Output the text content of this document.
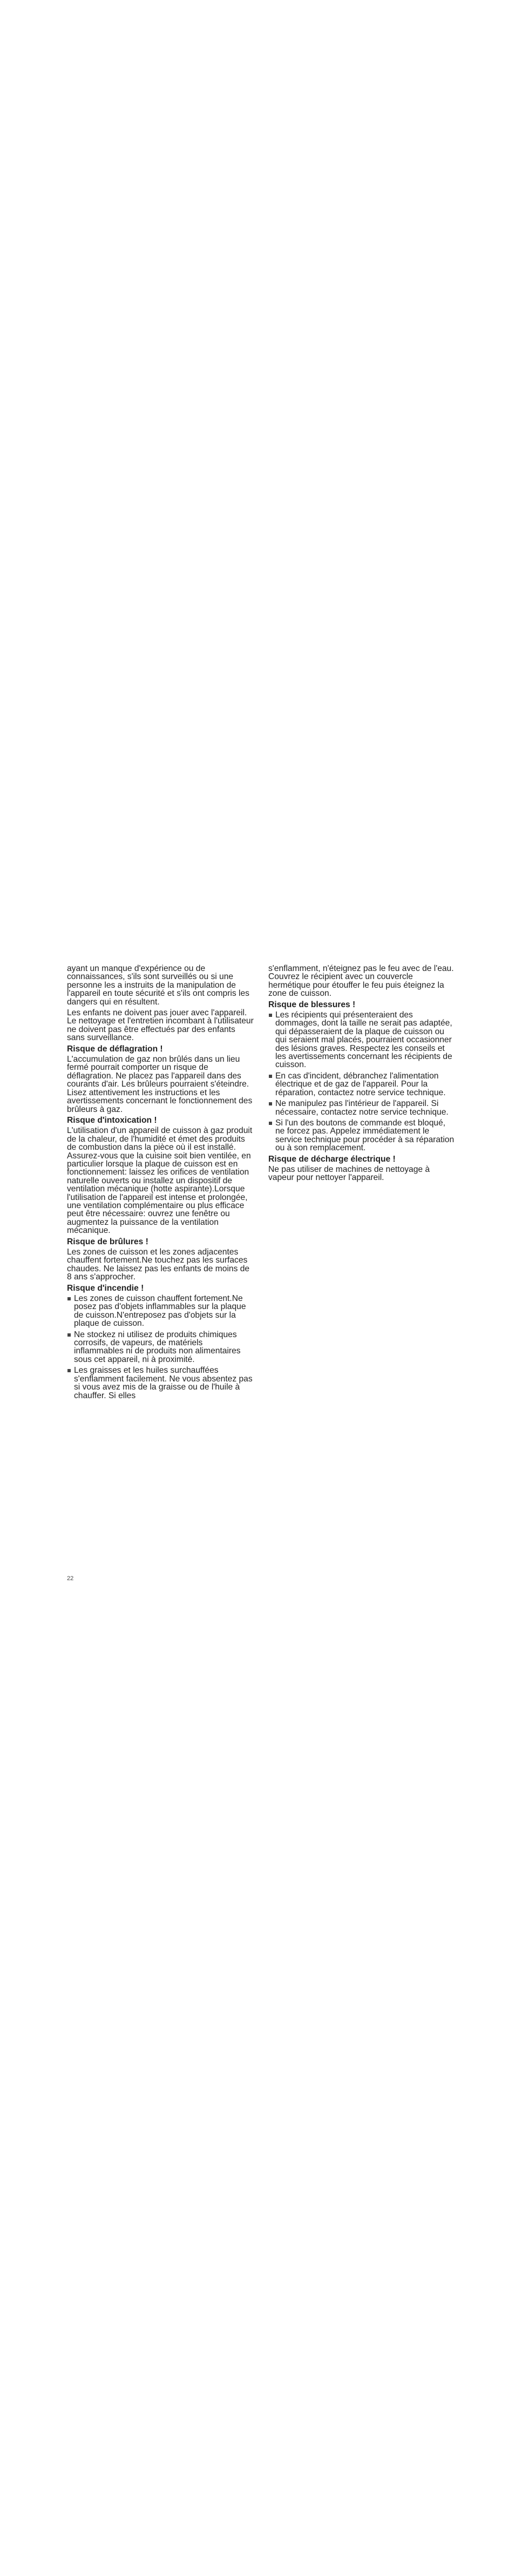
ayant un manque d'expérience ou de connaissances, s'ils sont surveillés ou si une personne les a instruits de la manipulation de l'appareil en toute sécurité et s'ils ont compris les dangers qui en résultent.

Les enfants ne doivent pas jouer avec l'appareil. Le nettoyage et l'entretien incombant à l'utilisateur ne doivent pas être effectués par des enfants sans surveillance.

Risque de déflagration !

L'accumulation de gaz non brûlés dans un lieu fermé pourrait comporter un risque de déflagration. Ne placez pas l'appareil dans des courants d'air. Les brûleurs pourraient s'éteindre. Lisez attentivement les instructions et les avertissements concernant le fonctionnement des brûleurs à gaz.

Risque d'intoxication !

L'utilisation d'un appareil de cuisson à gaz produit de la chaleur, de l'humidité et émet des produits de combustion dans la pièce où il est installé. Assurez-vous que la cuisine soit bien ventilée, en particulier lorsque la plaque de cuisson est en fonctionnement: laissez les orifices de ventilation naturelle ouverts ou installez un dispositif de ventilation mécanique (hotte aspirante).Lorsque l'utilisation de l'appareil est intense et prolongée, une ventilation complémentaire ou plus efficace peut être nécessaire: ouvrez une fenêtre ou augmentez la puissance de la ventilation mécanique.

Risque de brûlures !

Les zones de cuisson et les zones adjacentes chauffent fortement.Ne touchez pas les surfaces chaudes. Ne laissez pas les enfants de moins de 8 ans s'approcher.

Risque d'incendie !
Les zones de cuisson chauffent fortement.Ne posez pas d'objets inflammables sur la plaque de cuisson.N'entreposez pas d'objets sur la plaque de cuisson.
Ne stockez ni utilisez de produits chimiques corrosifs, de vapeurs, de matériels inflammables ni de produits non alimentaires sous cet appareil, ni à proximité.
Les graisses et les huiles surchauffées s'enflamment facilement. Ne vous absentez pas si vous avez mis de la graisse ou de l'huile à chauffer. Si elles

s'enflamment, n'éteignez pas le feu avec de l'eau. Couvrez le récipient avec un couvercle hermétique pour étouffer le feu puis éteignez la zone de cuisson.

Risque de blessures !
Les récipients qui présenteraient des dommages, dont la taille ne serait pas adaptée, qui dépasseraient de la plaque de cuisson ou qui seraient mal placés, pourraient occasionner des lésions graves. Respectez les conseils et les avertissements concernant les récipients de cuisson.
En cas d'incident, débranchez l'alimentation électrique et de gaz de l'appareil. Pour la réparation, contactez notre service technique.
Ne manipulez pas l'intérieur de l'appareil. Si nécessaire, contactez notre service technique.
Si l'un des boutons de commande est bloqué, ne forcez pas. Appelez immédiatement le service technique pour procéder à sa réparation ou à son remplacement.
Risque de décharge électrique !

Ne pas utiliser de machines de nettoyage à vapeur pour nettoyer l'appareil.

22
